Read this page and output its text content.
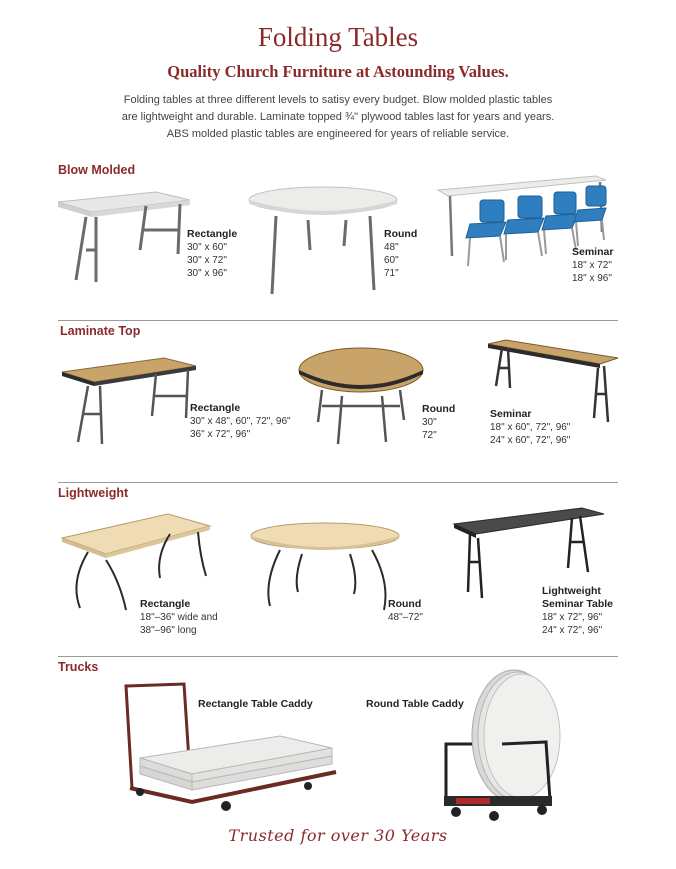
Folding Tables
Quality Church Furniture at Astounding Values.
Folding tables at three different levels to satisy every budget. Blow molded plastic tables
are lightweight and durable. Laminate topped ¾" plywood tables last for years and years.
ABS molded plastic tables are engineered for years of reliable service.
Blow Molded
Rectangle
30" x 60"
30" x 72"
30" x 96"
Round
48"
60"
71"
Seminar
18" x 72"
18" x 96"
Laminate Top
Rectangle
30" x 48", 60", 72", 96"
36" x 72", 96"
Round
30"
72"
Seminar
18" x 60", 72", 96"
24" x 60", 72", 96"
Lightweight
Rectangle
18"–36" wide and
38"–96" long
Round
48"–72"
Lightweight
Seminar Table
18" x 72", 96"
24" x 72", 96"
Trucks
Rectangle Table Caddy	Round Table Caddy
Trusted for over 30 Years
